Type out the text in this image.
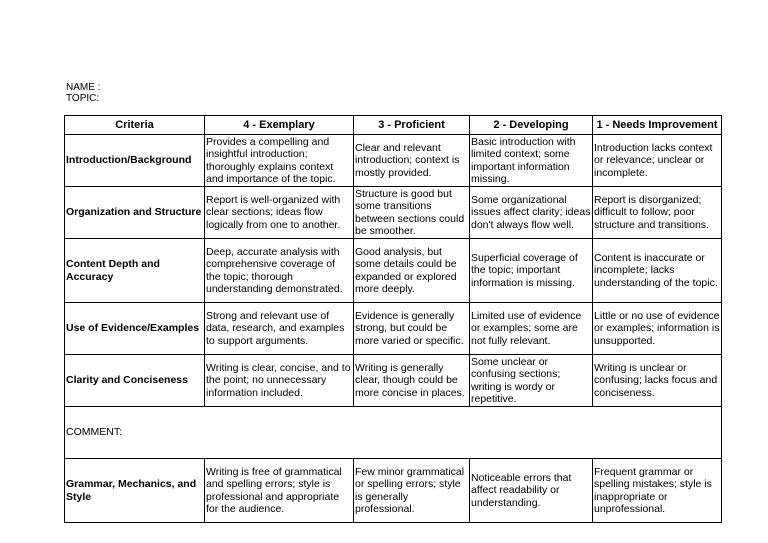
NAME :
TOPIC:
Criteria	4 - Exemplary	3 - Proficient	2 - Developing	1 - Needs Improvement
Introduction/Background	Provides a compelling and insightful introduction; thoroughly explains context and importance of the topic.	Clear and relevant introduction; context is mostly provided.	Basic introduction with limited context; some important information missing.	Introduction lacks context or relevance; unclear or incomplete.
Organization and Structure	Report is well-organized with clear sections; ideas flow logically from one to another.	Structure is good but some transitions between sections could be smoother.	Some organizational issues affect clarity; ideas don't always flow well.	Report is disorganized; difficult to follow; poor structure and transitions.
Content Depth and Accuracy	Deep, accurate analysis with comprehensive coverage of the topic; thorough understanding demonstrated.	Good analysis, but some details could be expanded or explored more deeply.	Superficial coverage of the topic; important information is missing.	Content is inaccurate or incomplete; lacks understanding of the topic.
Use of Evidence/Examples	Strong and relevant use of data, research, and examples to support arguments.	Evidence is generally strong, but could be more varied or specific.	Limited use of evidence or examples; some are not fully relevant.	Little or no use of evidence or examples; information is unsupported.
Clarity and Conciseness	Writing is clear, concise, and to the point; no unnecessary information included.	Writing is generally clear, though could be more concise in places.	Some unclear or confusing sections; writing is wordy or repetitive.	Writing is unclear or confusing; lacks focus and conciseness.
COMMENT:				
Grammar, Mechanics, and Style	Writing is free of grammatical and spelling errors; style is professional and appropriate for the audience.	Few minor grammatical or spelling errors; style is generally professional.	Noticeable errors that affect readability or understanding.	Frequent grammar or spelling mistakes; style is inappropriate or unprofessional.
